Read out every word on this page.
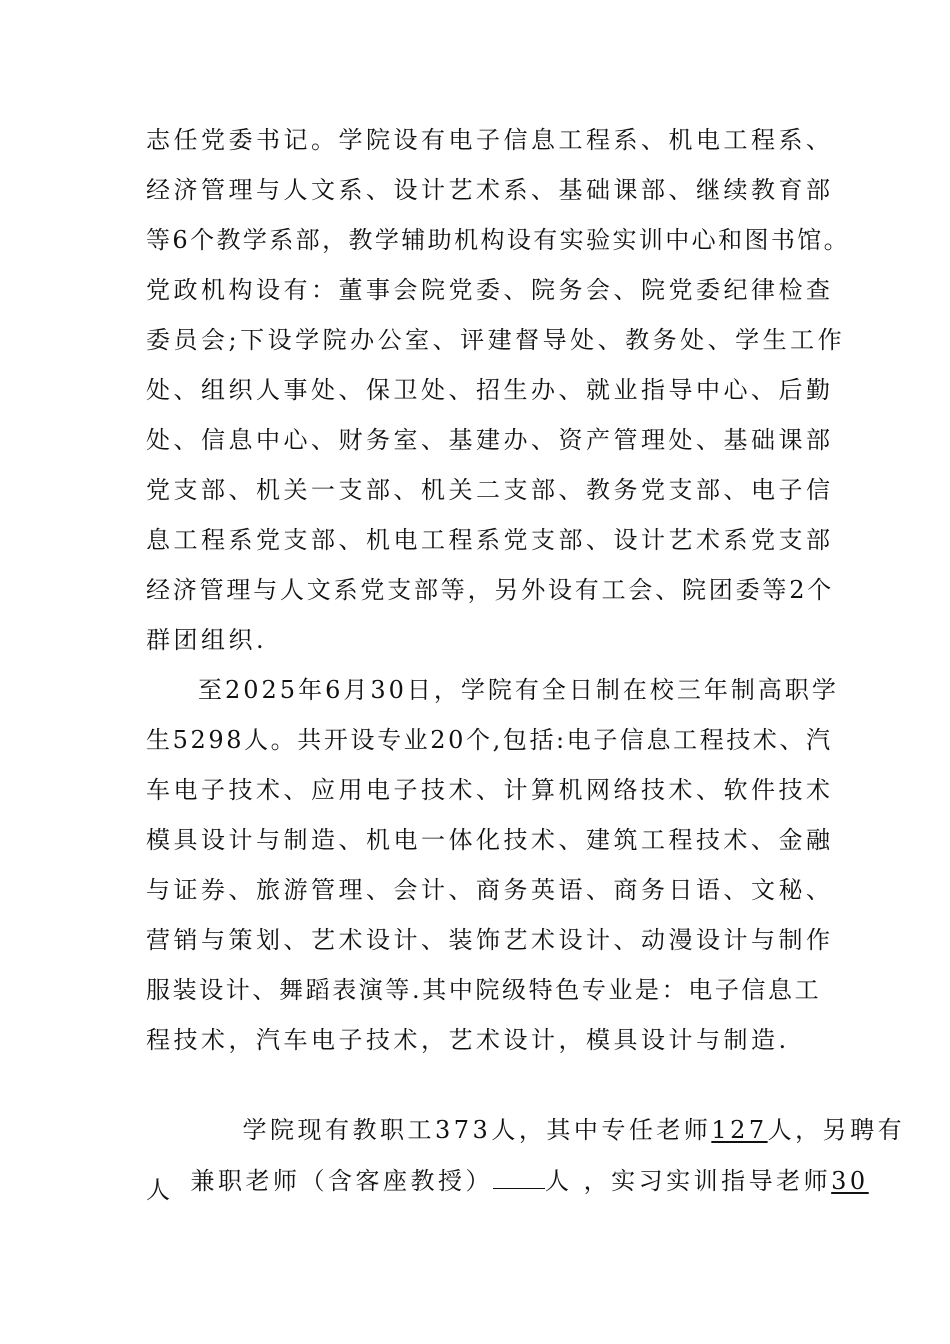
志任党委书记。学院设有电子信息工程系、机电工程系、
经济管理与人文系、设计艺术系、基础课部、继续教育部
等6个教学系部，教学辅助机构设有实验实训中心和图书馆。
党政机构设有：董事会院党委、院务会、院党委纪律检查
委员会;下设学院办公室、评建督导处、教务处、学生工作
处、组织人事处、保卫处、招生办、就业指导中心、后勤
处、信息中心、财务室、基建办、资产管理处、基础课部
党支部、机关一支部、机关二支部、教务党支部、电子信
息工程系党支部、机电工程系党支部、设计艺术系党支部
经济管理与人文系党支部等，另外设有工会、院团委等2个
群团组织.
至2025年6月30日，学院有全日制在校三年制高职学
生5298人。共开设专业20个,包括:电子信息工程技术、汽
车电子技术、应用电子技术、计算机网络技术、软件技术
模具设计与制造、机电一体化技术、建筑工程技术、金融
与证券、旅游管理、会计、商务英语、商务日语、文秘、
营销与策划、艺术设计、装饰艺术设计、动漫设计与制作
服装设计、舞蹈表演等.其中院级特色专业是：电子信息工
程技术，汽车电子技术，艺术设计，模具设计与制造.

学院现有教职工373人，其中专任老师127人，另聘有

兼职老师（含客座教授） 人 ，实习实训指导老师30

人
